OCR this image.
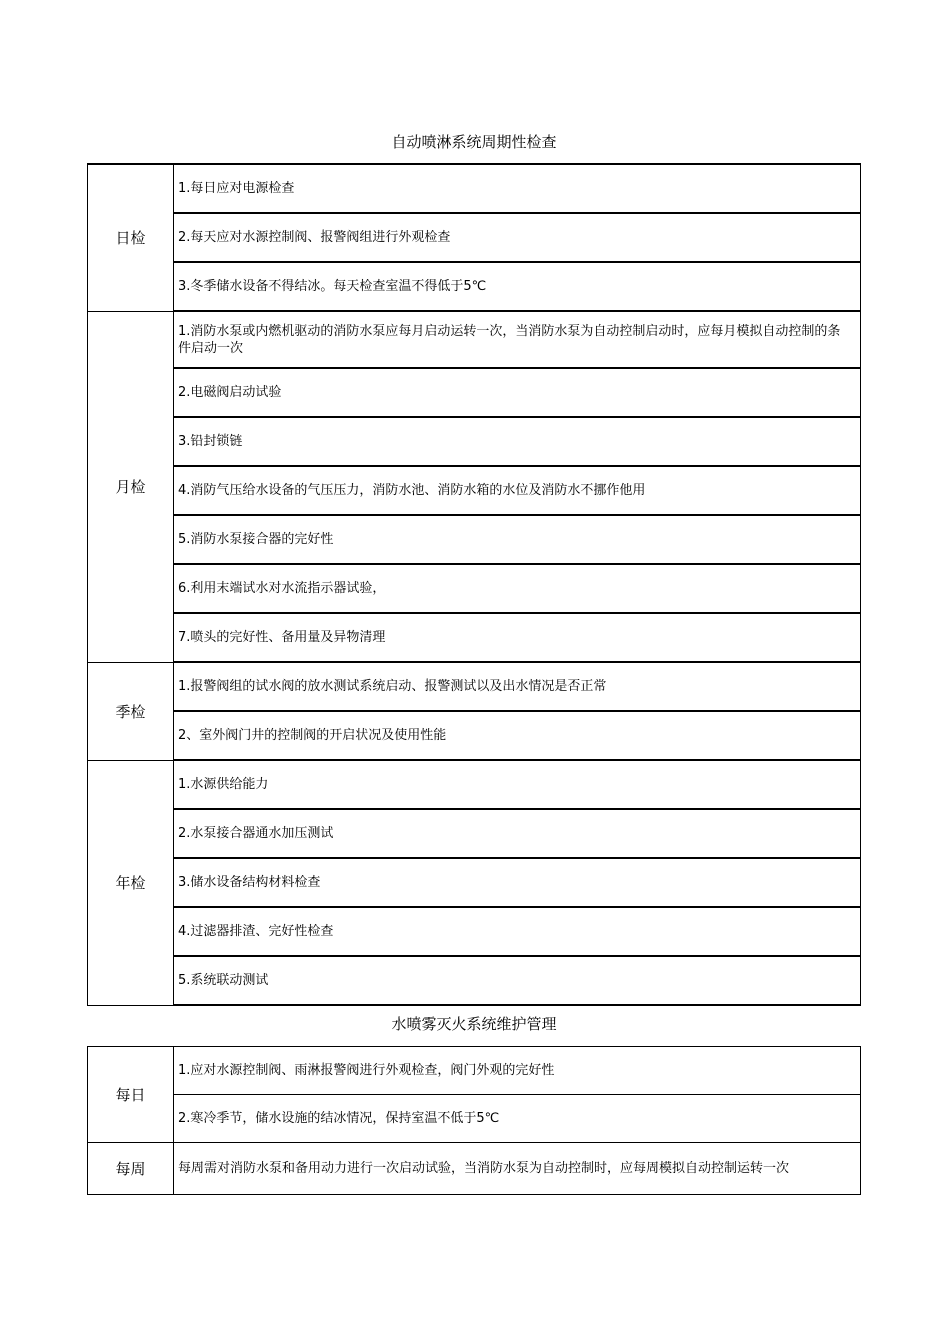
自动喷淋系统周期性检查
日检	1.每日应对电源检查
	2.每天应对水源控制阀、报警阀组进行外观检查
	3.冬季储水设备不得结冰。每天检查室温不得低于5℃
月检	1.消防水泵或内燃机驱动的消防水泵应每月启动运转一次，当消防水泵为自动控制启动时，应每月模拟自动控制的条件启动一次
	2.电磁阀启动试验
	3.铅封锁链
	4.消防气压给水设备的气压压力，消防水池、消防水箱的水位及消防水不挪作他用
	5.消防水泵接合器的完好性
	6.利用末端试水对水流指示器试验，
	7.喷头的完好性、备用量及异物清理
季检	1.报警阀组的试水阀的放水测试系统启动、报警测试以及出水情况是否正常
	2、室外阀门井的控制阀的开启状况及使用性能
年检	1.水源供给能力
	2.水泵接合器通水加压测试
	3.储水设备结构材料检查
	4.过滤器排渣、完好性检查
	5.系统联动测试
水喷雾灭火系统维护管理
每日	1.应对水源控制阀、雨淋报警阀进行外观检查，阀门外观的完好性
	2.寒冷季节，储水设施的结冰情况，保持室温不低于5℃
每周	每周需对消防水泵和备用动力进行一次启动试验，当消防水泵为自动控制时，应每周模拟自动控制运转一次
